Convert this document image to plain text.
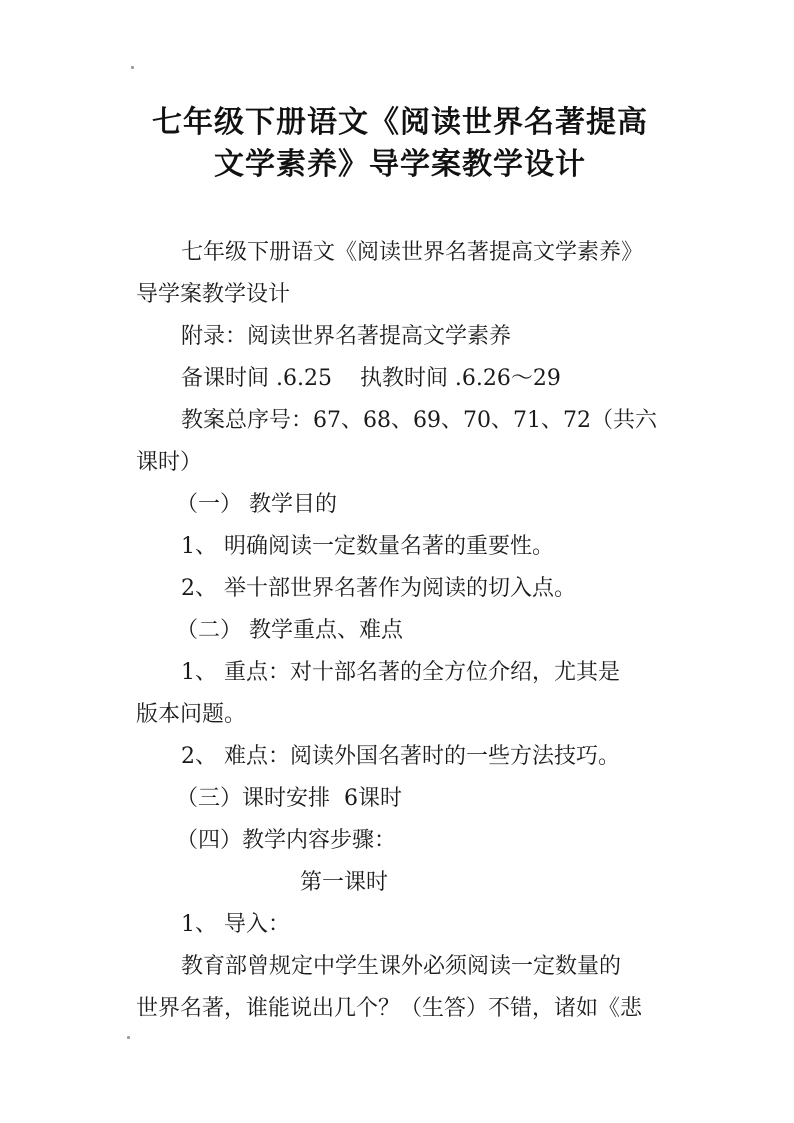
七年级下册语文《阅读世界名著提高
文学素养》导学案教学设计
七年级下册语文《阅读世界名著提高文学素养》
导学案教学设计
附录：阅读世界名著提高文学素养
备课时间 .6.25    执教时间 .6.26～29
教案总序号：67、68、69、70、71、72（共六
课时）
（一） 教学目的
1、 明确阅读一定数量名著的重要性。
2、 举十部世界名著作为阅读的切入点。
（二） 教学重点、难点
1、 重点：对十部名著的全方位介绍，尤其是
版本问题。
2、 难点：阅读外国名著时的一些方法技巧。
（三）课时安排  6课时
（四）教学内容步骤：
第一课时
1、 导入：
教育部曾规定中学生课外必须阅读一定数量的
世界名著，谁能说出几个？（生答）不错，诸如《悲
